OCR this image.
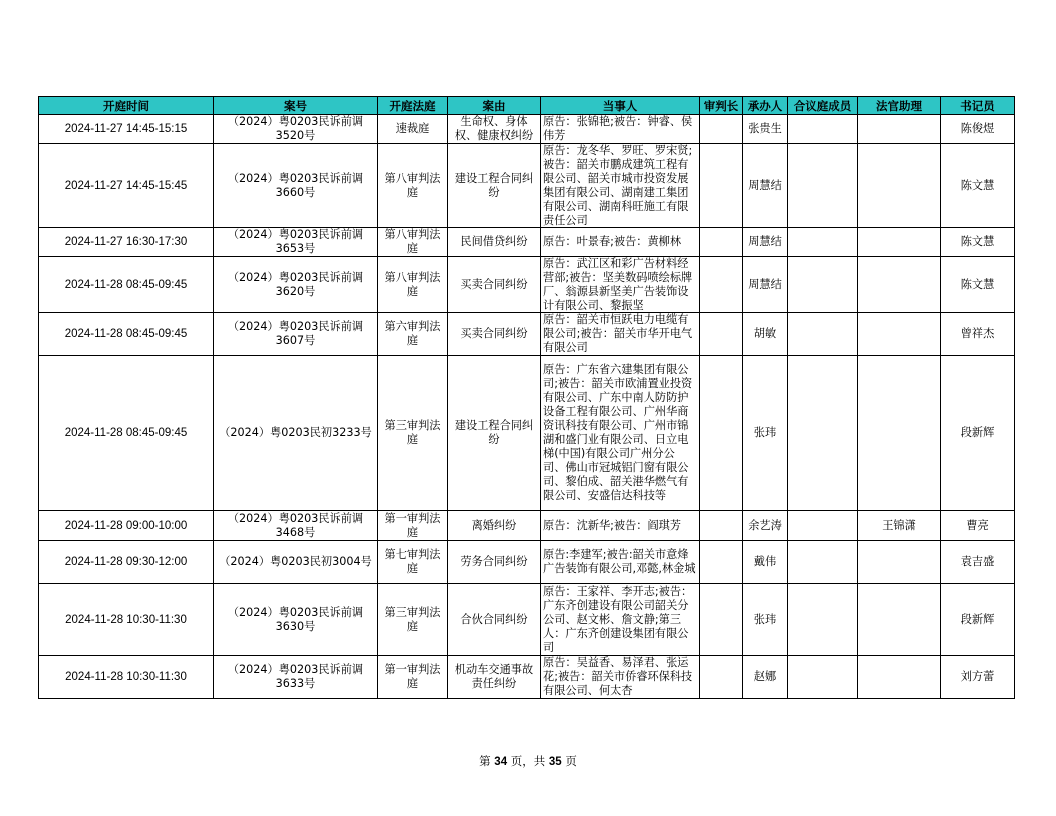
开庭时间	案号	开庭法庭	案由	当事人	审判长	承办人	合议庭成员	法官助理	书记员

2024-11-27 14:45-15:15	（2024）粤0203民诉前调3520号	速裁庭	生命权、身体权、健康权纠纷	原告：张锦艳;被告：钟睿、侯伟芳		张贵生			陈俊煜

2024-11-27 14:45-15:45	（2024）粤0203民诉前调3660号	第八审判法庭	建设工程合同纠纷	原告：龙冬华、罗旺、罗宋贤;被告：韶关市鹏成建筑工程有限公司、韶关市城市投资发展集团有限公司、湖南建工集团有限公司、湖南科旺施工有限责任公司		周慧结			陈文慧

2024-11-27 16:30-17:30	（2024）粤0203民诉前调3653号	第八审判法庭	民间借贷纠纷	原告：叶景春;被告：黄柳林		周慧结			陈文慧

2024-11-28 08:45-09:45	（2024）粤0203民诉前调3620号	第八审判法庭	买卖合同纠纷	原告：武江区和彩广告材料经营部;被告：坚美数码喷绘标牌厂、翁源县新坚美广告装饰设计有限公司、黎振坚		周慧结			陈文慧

2024-11-28 08:45-09:45	（2024）粤0203民诉前调3607号	第六审判法庭	买卖合同纠纷	原告：韶关市恒跃电力电缆有限公司;被告：韶关市华开电气有限公司		胡敏			曾祥杰

2024-11-28 08:45-09:45	（2024）粤0203民初3233号	第三审判法庭	建设工程合同纠纷	原告：广东省六建集团有限公司;被告：韶关市欧浦置业投资有限公司、广东中南人防防护设备工程有限公司、广州华商资讯科技有限公司、广州市锦湖和盛门业有限公司、日立电梯(中国)有限公司广州分公司、佛山市冠城铝门窗有限公司、黎伯成、韶关港华燃气有限公司、安盛信达科技等		张玮			段新辉

2024-11-28 09:00-10:00	（2024）粤0203民诉前调3468号	第一审判法庭	离婚纠纷	原告：沈新华;被告：阎琪芳		余艺涛		王锦潇	曹亮

2024-11-28 09:30-12:00	（2024）粤0203民初3004号	第七审判法庭	劳务合同纠纷	原告:李建军;被告:韶关市意烽广告装饰有限公司,邓懿,林金城		戴伟			袁吉盛

2024-11-28 10:30-11:30	（2024）粤0203民诉前调3630号	第三审判法庭	合伙合同纠纷	原告：王家祥、李开志;被告：广东齐创建设有限公司韶关分公司、赵文彬、詹文静;第三人：广东齐创建设集团有限公司		张玮			段新辉

2024-11-28 10:30-11:30	（2024）粤0203民诉前调3633号	第一审判法庭	机动车交通事故责任纠纷	原告：吴益香、易泽君、张运花;被告：韶关市侨睿环保科技有限公司、何太杏		赵娜			刘方蕾
第 34 页，共 35 页
